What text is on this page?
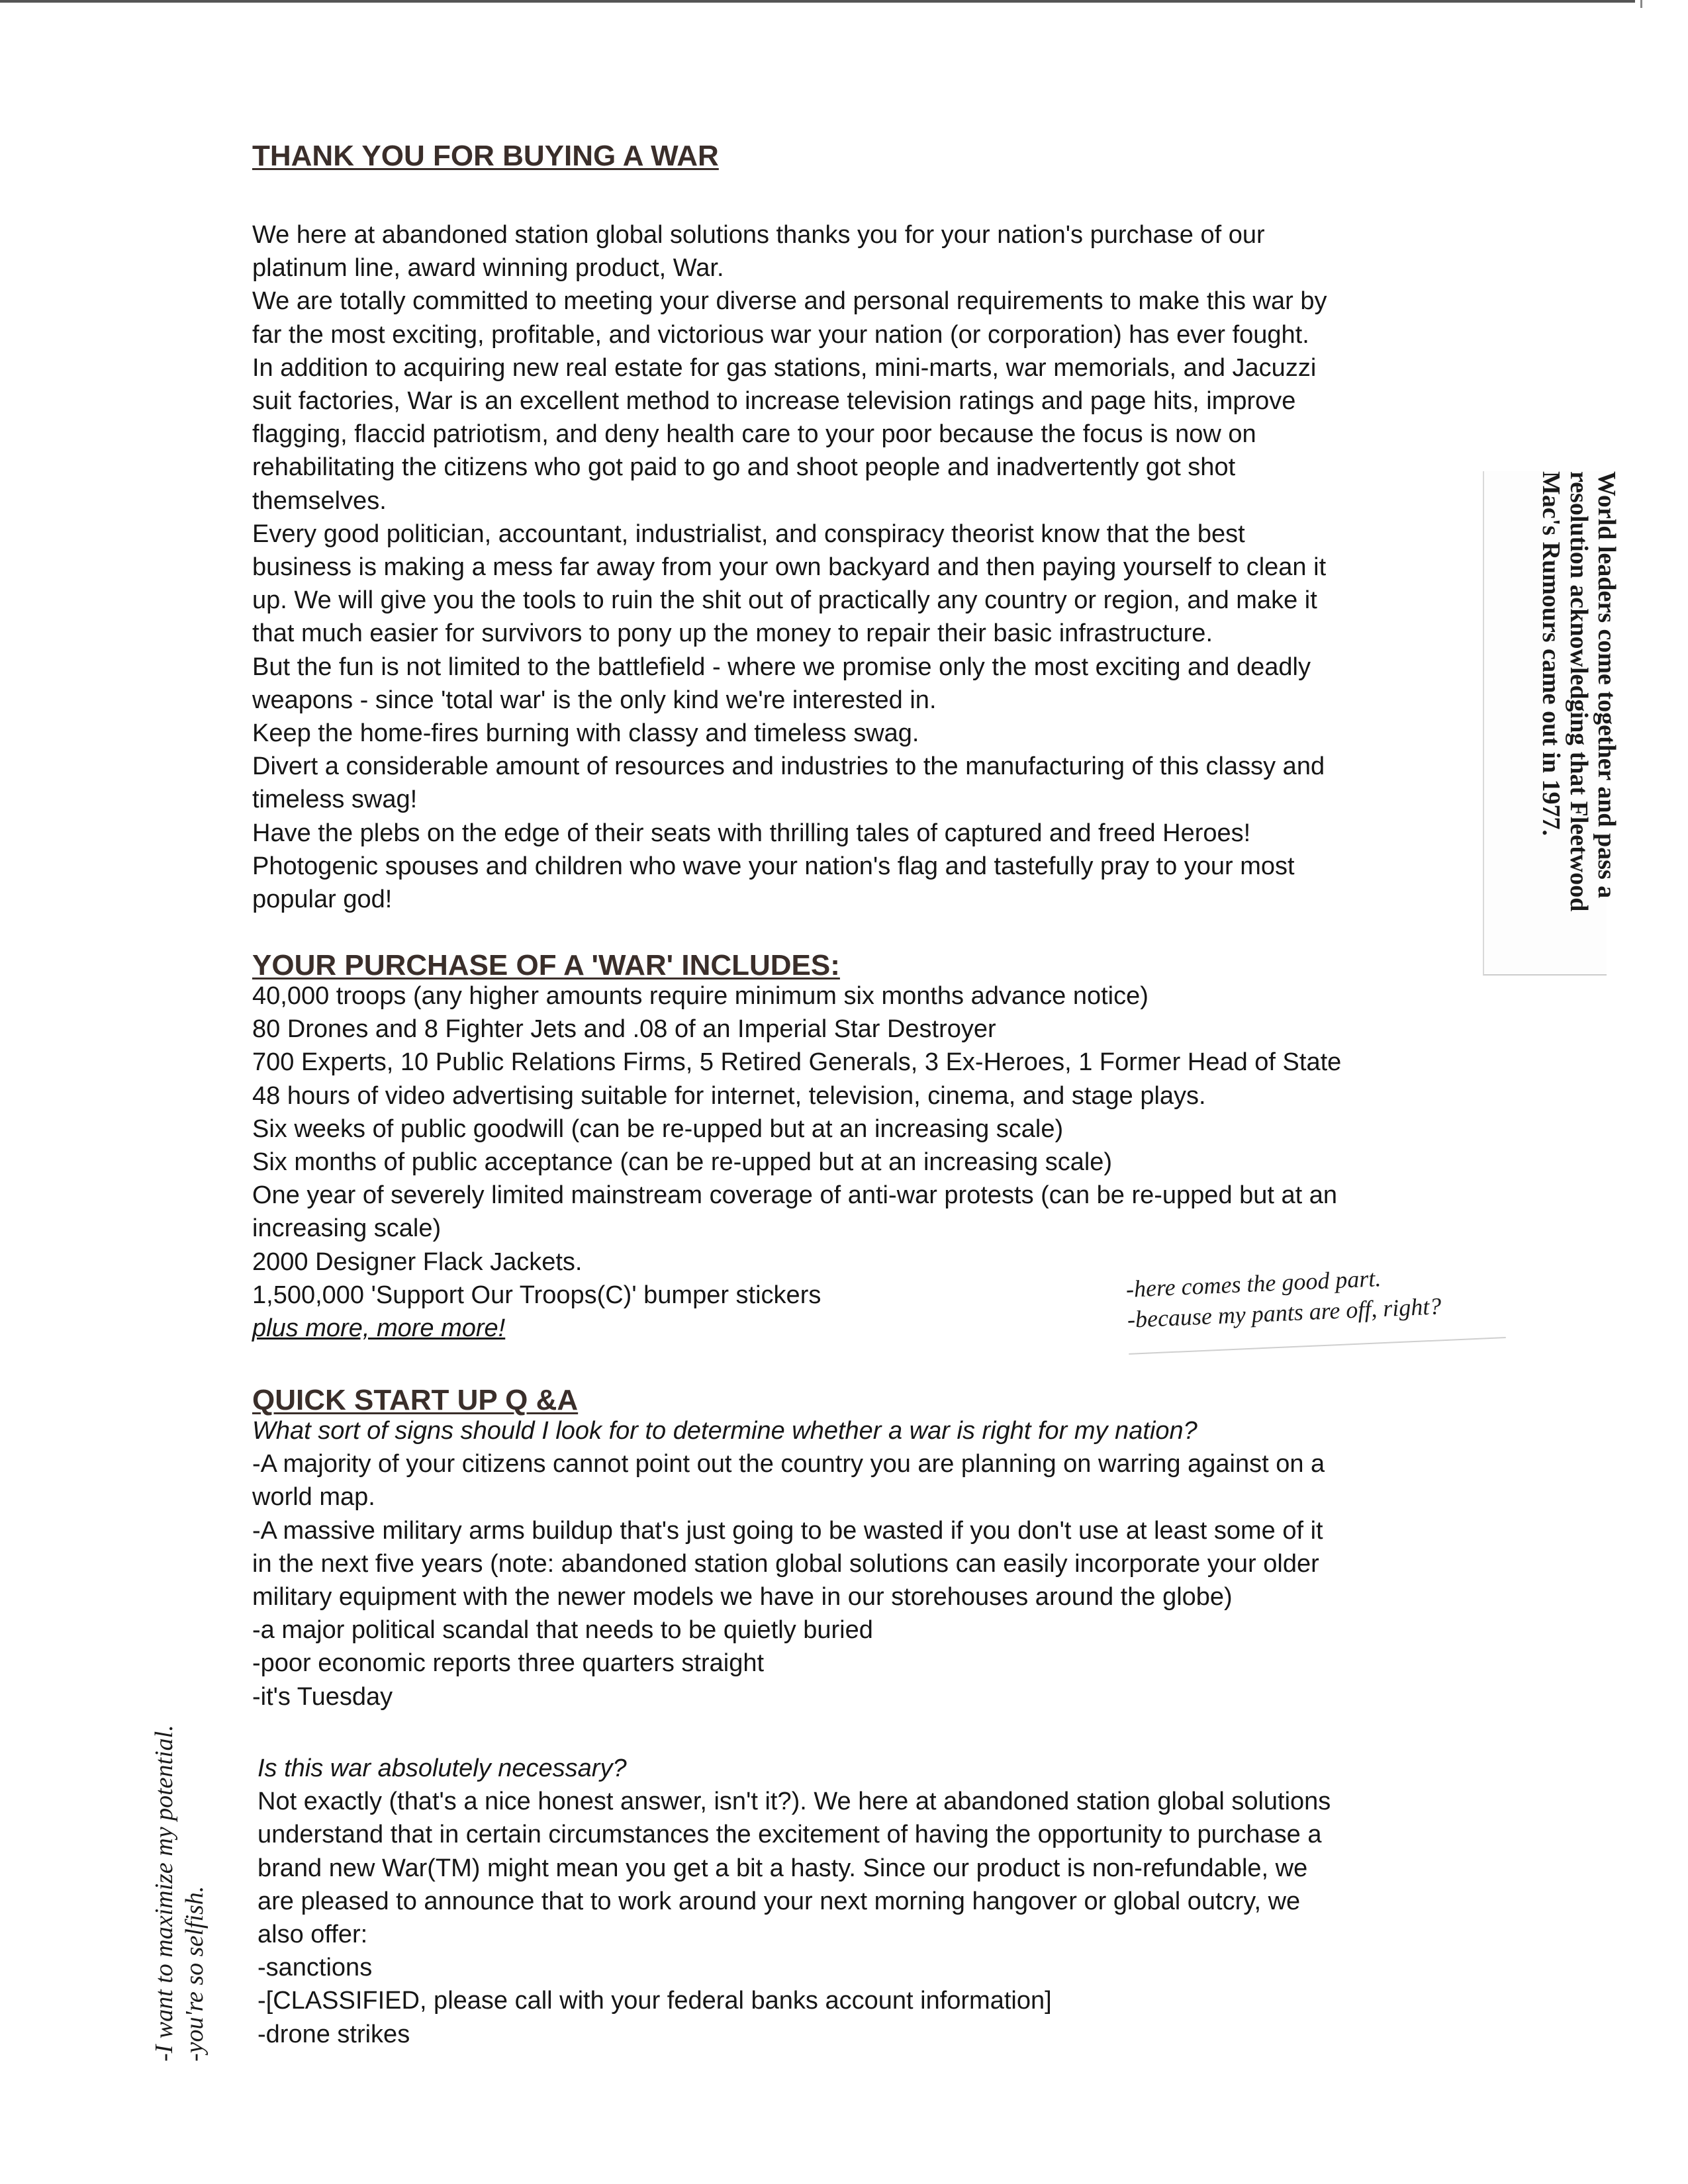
THANK YOU FOR BUYING A WAR
We here at abandoned station global solutions thanks you for your nation's purchase of our
platinum line, award winning product, War.
We are totally committed to meeting your diverse and personal requirements to make this war by
far the most exciting, profitable, and victorious war your nation (or corporation) has ever fought.
In addition to acquiring new real estate for gas stations, mini-marts, war memorials, and Jacuzzi
suit factories, War is an excellent method to increase television ratings and page hits, improve
flagging, flaccid patriotism, and deny health care to your poor because the focus is now on
rehabilitating the citizens who got paid to go and shoot people and inadvertently got shot
themselves.
Every good politician, accountant, industrialist, and conspiracy theorist know that the best
business is making a mess far away from your own backyard and then paying yourself to clean it
up. We will give you the tools to ruin the shit out of practically any country or region, and make it
that much easier for survivors to pony up the money to repair their basic infrastructure.
But the fun is not limited to the battlefield - where we promise only the most exciting and deadly
weapons - since 'total war' is the only kind we're interested in.
Keep the home-fires burning with classy and timeless swag.
Divert a considerable amount of resources and industries to the manufacturing of this classy and
timeless swag!
Have the plebs on the edge of their seats with thrilling tales of captured and freed Heroes!
Photogenic spouses and children who wave your nation's flag and tastefully pray to your most
popular god!
YOUR PURCHASE OF A 'WAR' INCLUDES:
40,000 troops (any higher amounts require minimum six months advance notice)
80 Drones and 8 Fighter Jets and .08 of an Imperial Star Destroyer
700 Experts, 10 Public Relations Firms, 5 Retired Generals, 3 Ex-Heroes, 1 Former Head of State
48 hours of video advertising suitable for internet, television, cinema, and stage plays.
Six weeks of public goodwill (can be re-upped but at an increasing scale)
Six months of public acceptance (can be re-upped but at an increasing scale)
One year of severely limited mainstream coverage of anti-war protests (can be re-upped but at an
increasing scale)
2000 Designer Flack Jackets.
1,500,000 'Support Our Troops(C)' bumper stickers
plus more, more more!
QUICK START UP Q &A
What sort of signs should I look for to determine whether a war is right for my nation?
-A majority of your citizens cannot point out the country you are planning on warring against on a
world map.
-A massive military arms buildup that's just going to be wasted if you don't use at least some of it
in the next five years (note: abandoned station global solutions can easily incorporate your older
military equipment with the newer models we have in our storehouses around the globe)
-a major political scandal that needs to be quietly buried
-poor economic reports three quarters straight
-it's Tuesday
Is this war absolutely necessary?
Not exactly (that's a nice honest answer, isn't it?). We here at abandoned station global solutions
understand that in certain circumstances the excitement of having the opportunity to purchase a
brand new War(TM) might mean you get a bit a hasty. Since our product is non-refundable, we
are pleased to announce that to work around your next morning hangover or global outcry, we
also offer:
-sanctions
-[CLASSIFIED, please call with your federal banks account information]
-drone strikes
World leaders come together and pass a
resolution acknowledging that Fleetwood
Mac's Rumours came out in 1977.
-here comes the good part.
-because my pants are off, right?
-I want to maximize my potential. -you're so selfish.
